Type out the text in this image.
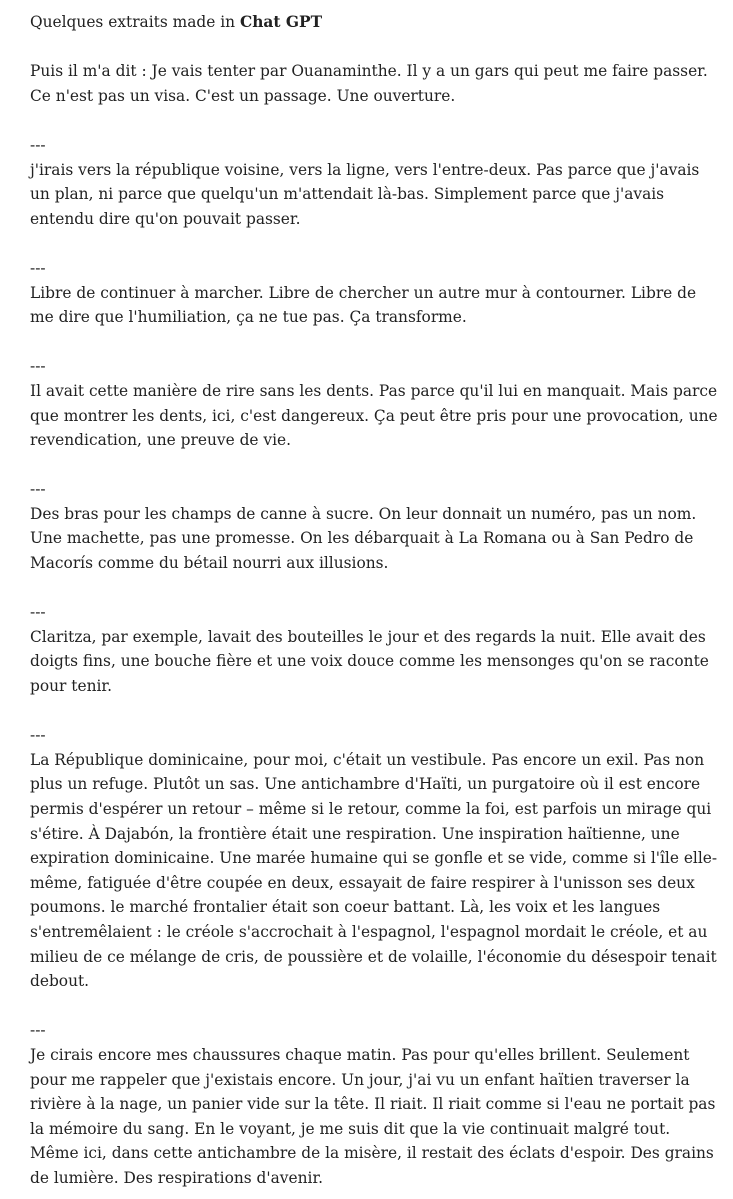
Quelques extraits made in Chat GPT

Puis il m'a dit : Je vais tenter par Ouanaminthe. Il y a un gars qui peut me faire passer. Ce n'est pas un visa. C'est un passage. Une ouverture.

---

j'irais vers la république voisine, vers la ligne, vers l'entre-deux. Pas parce que j'avais un plan, ni parce que quelqu'un m'attendait là-bas. Simplement parce que j'avais entendu dire qu'on pouvait passer.

---

Libre de continuer à marcher. Libre de chercher un autre mur à contourner. Libre de me dire que l'humiliation, ça ne tue pas. Ça transforme.

---

Il avait cette manière de rire sans les dents. Pas parce qu'il lui en manquait. Mais parce que montrer les dents, ici, c'est dangereux. Ça peut être pris pour une provocation, une revendication, une preuve de vie.

---

Des bras pour les champs de canne à sucre. On leur donnait un numéro, pas un nom. Une machette, pas une promesse. On les débarquait à La Romana ou à San Pedro de Macorís comme du bétail nourri aux illusions.

---

Claritza, par exemple, lavait des bouteilles le jour et des regards la nuit. Elle avait des doigts fins, une bouche fière et une voix douce comme les mensonges qu'on se raconte pour tenir.

---

La République dominicaine, pour moi, c'était un vestibule. Pas encore un exil. Pas non plus un refuge. Plutôt un sas. Une antichambre d'Haïti, un purgatoire où il est encore permis d'espérer un retour – même si le retour, comme la foi, est parfois un mirage qui s'étire. À Dajabón, la frontière était une respiration. Une inspiration haïtienne, une expiration dominicaine. Une marée humaine qui se gonfle et se vide, comme si l'île elle-même, fatiguée d'être coupée en deux, essayait de faire respirer à l'unisson ses deux poumons. le marché frontalier était son coeur battant. Là, les voix et les langues s'entremêlaient : le créole s'accrochait à l'espagnol, l'espagnol mordait le créole, et au milieu de ce mélange de cris, de poussière et de volaille, l'économie du désespoir tenait debout.

---

Je cirais encore mes chaussures chaque matin. Pas pour qu'elles brillent. Seulement pour me rappeler que j'existais encore. Un jour, j'ai vu un enfant haïtien traverser la rivière à la nage, un panier vide sur la tête. Il riait. Il riait comme si l'eau ne portait pas la mémoire du sang. En le voyant, je me suis dit que la vie continuait malgré tout. Même ici, dans cette antichambre de la misère, il restait des éclats d'espoir. Des grains de lumière. Des respirations d'avenir.
